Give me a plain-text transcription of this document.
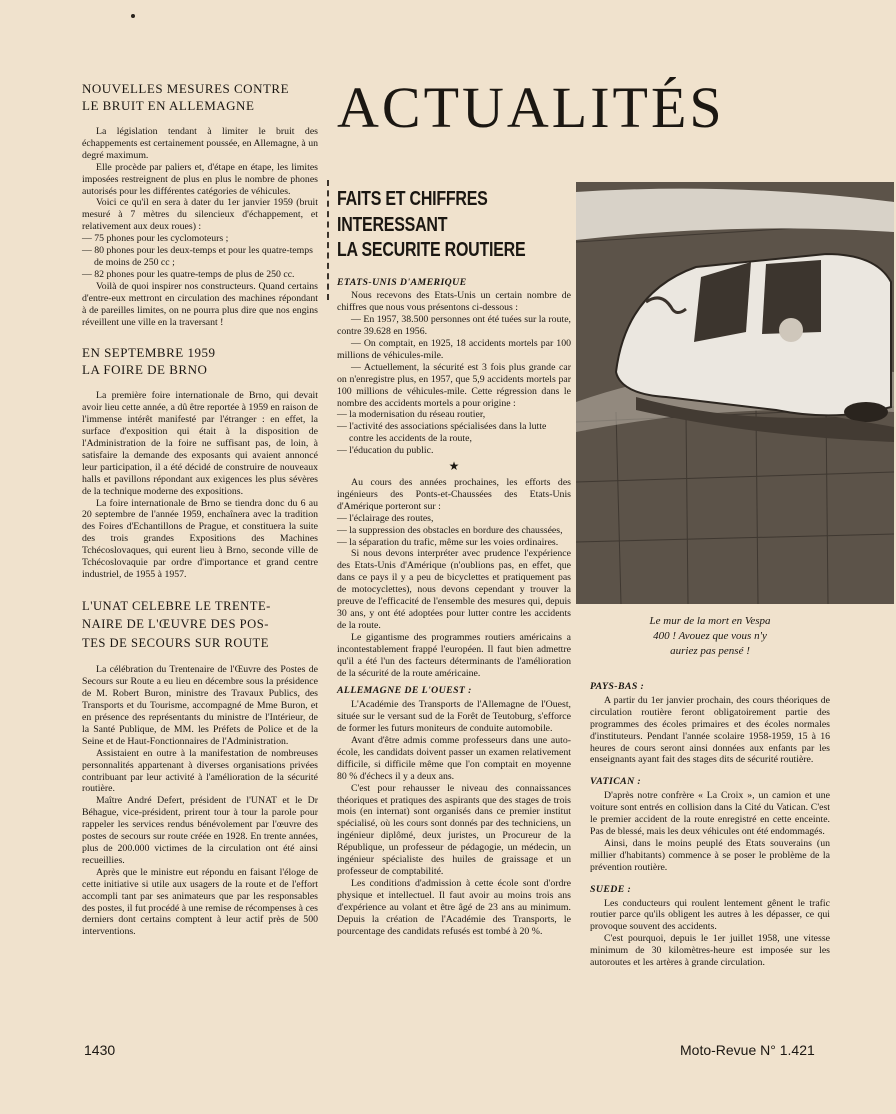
ACTUALITÉS
NOUVELLES MESURES CONTRE
LE BRUIT EN ALLEMAGNE

La législation tendant à limiter le bruit des échappements est certainement poussée, en Allemagne, à un degré maximum.

Elle procède par paliers et, d'étape en étape, les limites imposées restreignent de plus en plus le nombre de phones autorisés pour les différentes catégories de véhicules.

Voici ce qu'il en sera à dater du 1er janvier 1959 (bruit mesuré à 7 mètres du silencieux d'échappement, et relativement aux deux roues) :

— 75 phones pour les cyclomoteurs ;
— 80 phones pour les deux-temps et pour les quatre-temps de moins de 250 cc ;
— 82 phones pour les quatre-temps de plus de 250 cc.

Voilà de quoi inspirer nos constructeurs. Quand certains d'entre-eux mettront en circulation des machines répondant à de pareilles limites, on ne pourra plus dire que nos engins réveillent une ville en la traversant !

EN SEPTEMBRE 1959
LA FOIRE DE BRNO

La première foire internationale de Brno, qui devait avoir lieu cette année, a dû être reportée à 1959 en raison de l'immense intérêt manifesté par l'étranger : en effet, la surface d'exposition qui était à la disposition de l'Administration de la foire ne suffisant pas, de loin, à satisfaire la demande des exposants qui avaient annoncé leur participation, il a été décidé de construire de nouveaux halls et pavillons répondant aux exigences les plus sévères de la technique moderne des expositions.

La foire internationale de Brno se tiendra donc du 6 au 20 septembre de l'année 1959, enchaînera avec la tradition des Foires d'Echantillons de Prague, et constituera la suite des trois grandes Expositions des Machines Tchécoslovaques, qui eurent lieu à Brno, seconde ville de Tchécoslovaquie par ordre d'importance et grand centre industriel, de 1955 à 1957.

L'UNAT CELEBRE LE TRENTE-
NAIRE DE L'ŒUVRE DES POS-
TES DE SECOURS SUR ROUTE

La célébration du Trentenaire de l'Œuvre des Postes de Secours sur Route a eu lieu en décembre sous la présidence de M. Robert Buron, ministre des Travaux Publics, des Transports et du Tourisme, accompagné de Mme Buron, et en présence des représentants du ministre de l'Intérieur, de la Santé Publique, de MM. les Préfets de Police et de la Seine et de Haut-Fonctionnaires de l'Administration.

Assistaient en outre à la manifestation de nombreuses personnalités appartenant à diverses organisations privées contribuant par leur activité à l'amélioration de la sécurité routière.

Maître André Defert, président de l'UNAT et le Dr Béhague, vice-président, prirent tour à tour la parole pour rappeler les services rendus bénévolement par l'œuvre des postes de secours sur route créée en 1928. En trente années, plus de 200.000 victimes de la circulation ont été ainsi recueillies.

Après que le ministre eut répondu en faisant l'éloge de cette initiative si utile aux usagers de la route et de l'effort accompli tant par ses animateurs que par les responsables des postes, il fut procédé à une remise de récompenses à ces derniers dont certains comptent à leur actif près de 500 interventions.

FAITS ET CHIFFRES
INTERESSANT
LA SECURITE ROUTIERE
ETATS-UNIS D'AMERIQUE

Nous recevons des Etats-Unis un certain nombre de chiffres que nous vous présentons ci-dessous :

— En 1957, 38.500 personnes ont été tuées sur la route, contre 39.628 en 1956.

— On comptait, en 1925, 18 accidents mortels par 100 millions de véhicules-mile.

— Actuellement, la sécurité est 3 fois plus grande car on n'enregistre plus, en 1957, que 5,9 accidents mortels par 100 millions de véhicules-mile. Cette régression dans le nombre des accidents mortels a pour origine :

— la modernisation du réseau routier,
— l'activité des associations spécialisées dans la lutte contre les accidents de la route,
— l'éducation du public.
★

Au cours des années prochaines, les efforts des ingénieurs des Ponts-et-Chaussées des Etats-Unis d'Amérique porteront sur :

— l'éclairage des routes,
— la suppression des obstacles en bordure des chaussées,
— la séparation du trafic, même sur les voies ordinaires.

Si nous devons interpréter avec prudence l'expérience des Etats-Unis d'Amérique (n'oublions pas, en effet, que dans ce pays il y a peu de bicyclettes et pratiquement pas de motocyclettes), nous devons cependant y trouver la preuve de l'efficacité de l'ensemble des mesures qui, depuis 30 ans, y ont été adoptées pour lutter contre les accidents de la route.

Le gigantisme des programmes routiers américains a incontestablement frappé l'européen. Il faut bien admettre qu'il a été l'un des facteurs déterminants de l'amélioration de la sécurité de la route américaine.

ALLEMAGNE DE L'OUEST :

L'Académie des Transports de l'Allemagne de l'Ouest, située sur le versant sud de la Forêt de Teutoburg, s'efforce de former les futurs moniteurs de conduite automobile.

Avant d'être admis comme professeurs dans une auto-école, les candidats doivent passer un examen relativement difficile, si difficile même que l'on comptait en moyenne 80 % d'échecs il y a deux ans.

C'est pour rehausser le niveau des connaissances théoriques et pratiques des aspirants que des stages de trois mois (en internat) sont organisés dans ce premier institut spécialisé, où les cours sont donnés par des techniciens, un ingénieur diplômé, deux juristes, un Procureur de la République, un professeur de pédagogie, un médecin, un ingénieur spécialiste des huiles de graissage et un professeur de comptabilité.

Les conditions d'admission à cette école sont d'ordre physique et intellectuel. Il faut avoir au moins trois ans d'expérience au volant et être âgé de 23 ans au minimum. Depuis la création de l'Académie des Transports, le pourcentage des candidats refusés est tombé à 20 %.

Le mur de la mort en Vespa
400 ! Avouez que vous n'y
auriez pas pensé !
PAYS-BAS :

A partir du 1er janvier prochain, des cours théoriques de circulation routière feront obligatoirement partie des programmes des écoles primaires et des écoles normales d'instituteurs. Pendant l'année scolaire 1958-1959, 15 à 16 heures de cours seront ainsi données aux enfants par les enseignants ayant fait des stages dits de sécurité routière.

VATICAN :

D'après notre confrère « La Croix », un camion et une voiture sont entrés en collision dans la Cité du Vatican. C'est le premier accident de la route enregistré en cette enceinte. Pas de blessé, mais les deux véhicules ont été endommagés.

Ainsi, dans le moins peuplé des Etats souverains (un millier d'habitants) commence à se poser le problème de la prévention routière.

SUEDE :

Les conducteurs qui roulent lentement gênent le trafic routier parce qu'ils obligent les autres à les dépasser, ce qui provoque souvent des accidents.

C'est pourquoi, depuis le 1er juillet 1958, une vitesse minimum de 30 kilomètres-heure est imposée sur les autoroutes et les artères à grande circulation.

1430	Moto-Revue N° 1.421
